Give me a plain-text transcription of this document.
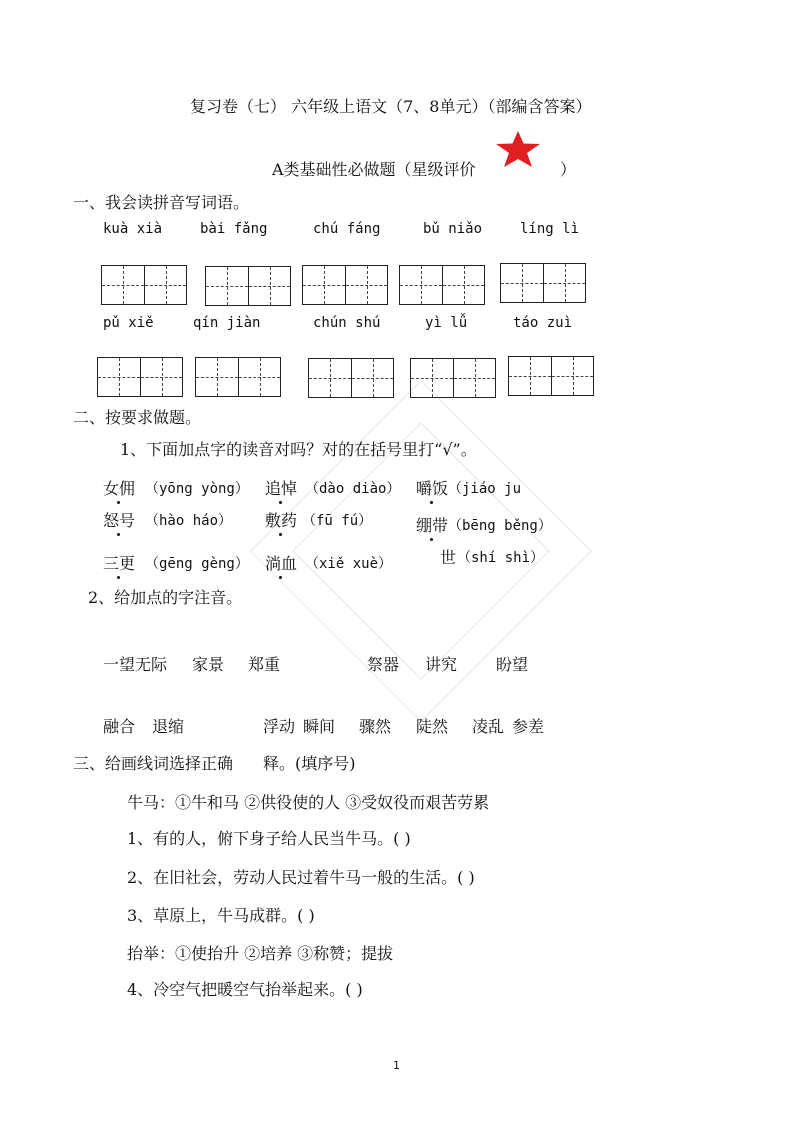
复习卷（七） 六年级上语文（7、8单元）（部编含答案）
A类基础性必做题（星级评价	）
一、我会读拼音写词语。
kuà xià	bài fǎng	chú fáng	bǔ niǎo	líng lì
pǔ xiě	qín jiàn	chún shú	yì lǚ	táo zuì
二、按要求做题。
1、下面加点字的读音对吗？对的在括号里打“√”。
女佣 （yōng yòng） 追悼 （dào diào） 嚼饭 （jiáo ju
怒号 （hào háo） 敷药 （fū fú）	绷带 （bēng běng）
三更 （gēng gèng） 淌血 （xiě xuè）	世 （shí shì）
2、给加点的字注音。
一望无际 家景 郑重	祭器 讲究 盼望
融合 退缩	浮动 瞬间 骤然 陡然 凌乱 参差
三、给画线词选择正确 释。(填序号)
牛马：①牛和马 ②供役使的人 ③受奴役而艰苦劳累
1、有的人，俯下身子给人民当牛马。( )
2、在旧社会，劳动人民过着牛马一般的生活。( )
3、草原上，牛马成群。( )
抬举：①使抬升 ②培养 ③称赞；提拔
4、冷空气把暖空气抬举起来。( )
1
